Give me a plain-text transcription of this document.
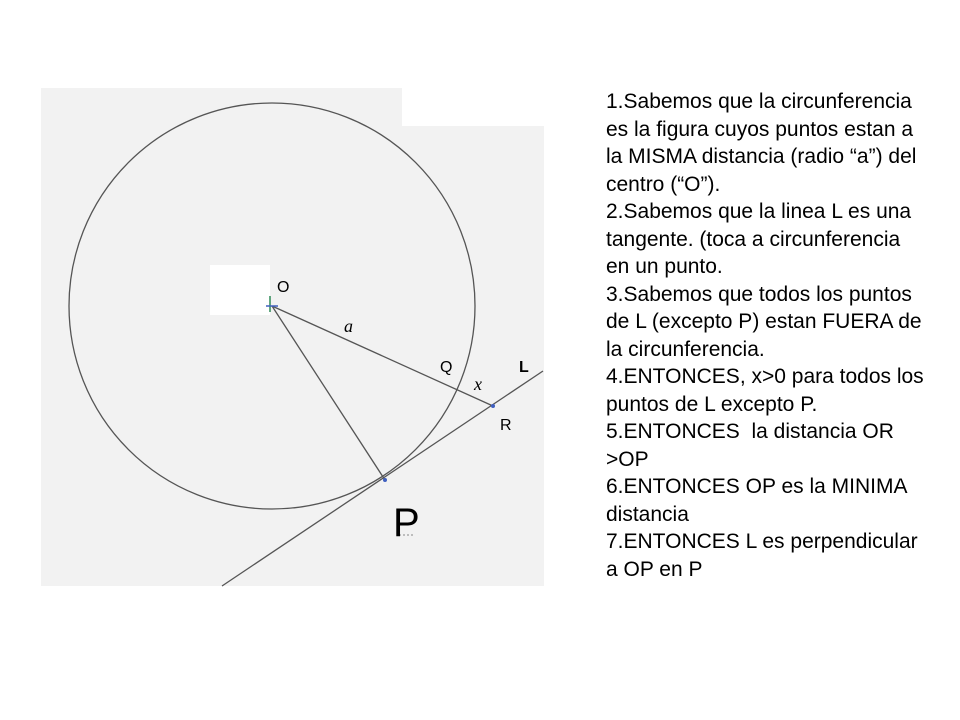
O
a
Q
x
L
R
P

1.Sabemos que la circunferencia es la figura cuyos puntos estan a la MISMA distancia (radio “a”) del centro (“O”).

2.Sabemos que la linea L es una tangente. (toca a circunferencia en un punto.

3.Sabemos que todos los puntos de L (excepto P) estan FUERA de la circunferencia.

4.ENTONCES, x>0 para todos los puntos de L excepto P.

5.ENTONCES  la distancia OR >OP

6.ENTONCES OP es la MINIMA distancia

7.ENTONCES L es perpendicular a OP en P
